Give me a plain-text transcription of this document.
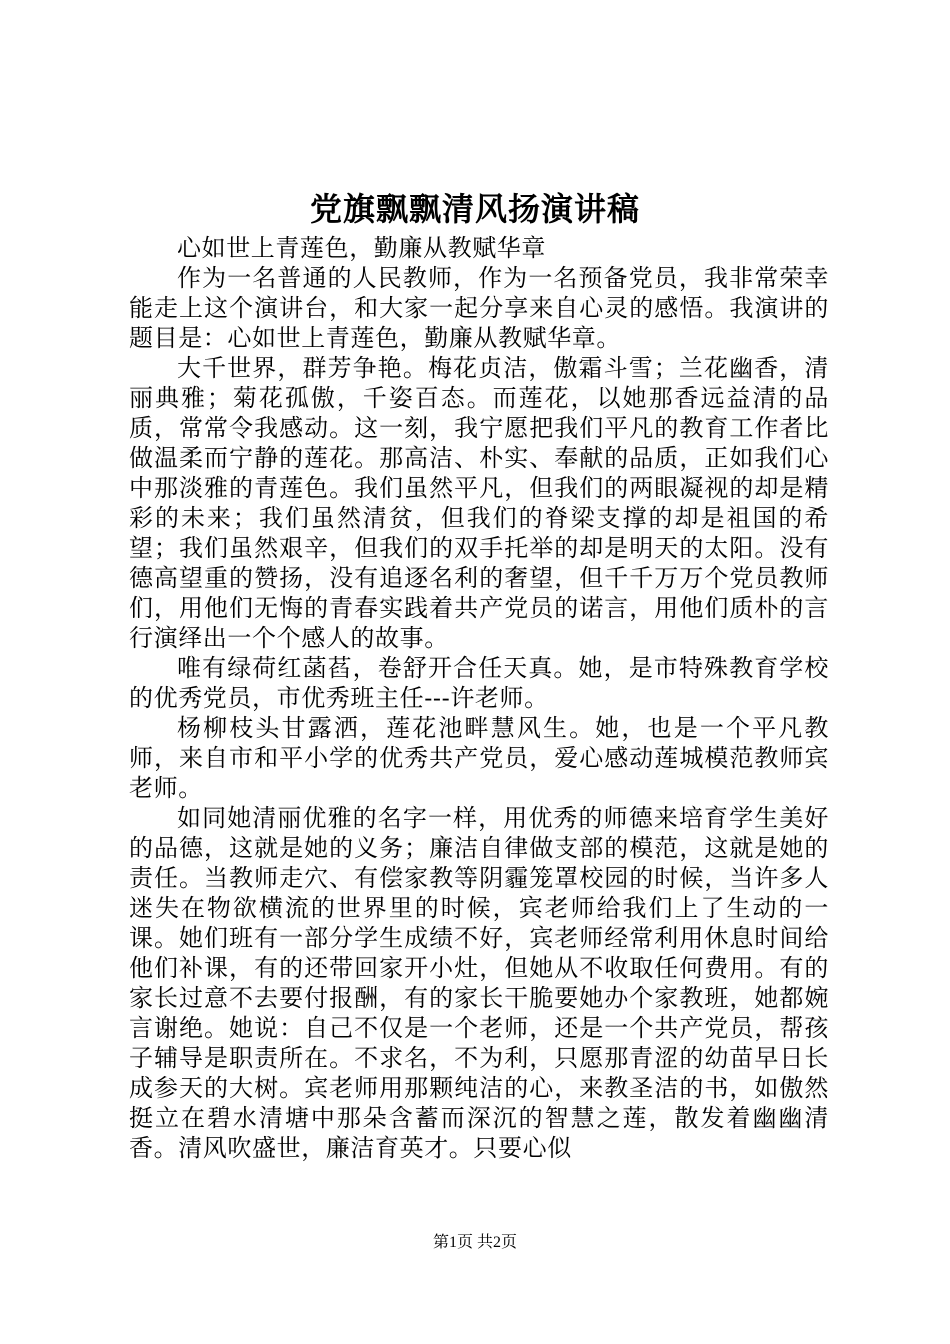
党旗飘飘清风扬演讲稿

心如世上青莲色，勤廉从教赋华章

作为一名普通的人民教师，作为一名预备党员，我非常荣幸能走上这个演讲台，和大家一起分享来自心灵的感悟。我演讲的题目是：心如世上青莲色，勤廉从教赋华章。

大千世界，群芳争艳。梅花贞洁，傲霜斗雪；兰花幽香，清丽典雅；菊花孤傲，千姿百态。而莲花，以她那香远益清的品质，常常令我感动。这一刻，我宁愿把我们平凡的教育工作者比做温柔而宁静的莲花。那高洁、朴实、奉献的品质，正如我们心中那淡雅的青莲色。我们虽然平凡，但我们的两眼凝视的却是精彩的未来；我们虽然清贫，但我们的脊梁支撑的却是祖国的希望；我们虽然艰辛，但我们的双手托举的却是明天的太阳。没有德高望重的赞扬，没有追逐名利的奢望，但千千万万个党员教师们，用他们无悔的青春实践着共产党员的诺言，用他们质朴的言行演绎出一个个感人的故事。

唯有绿荷红菡萏，卷舒开合任天真。她，是市特殊教育学校的优秀党员，市优秀班主任---许老师。

杨柳枝头甘露洒，莲花池畔慧风生。她，也是一个平凡教师，来自市和平小学的优秀共产党员，爱心感动莲城模范教师宾老师。

如同她清丽优雅的名字一样，用优秀的师德来培育学生美好的品德，这就是她的义务；廉洁自律做支部的模范，这就是她的责任。当教师走穴、有偿家教等阴霾笼罩校园的时候，当许多人迷失在物欲横流的世界里的时候，宾老师给我们上了生动的一课。她们班有一部分学生成绩不好，宾老师经常利用休息时间给他们补课，有的还带回家开小灶，但她从不收取任何费用。有的家长过意不去要付报酬，有的家长干脆要她办个家教班，她都婉言谢绝。她说：自己不仅是一个老师，还是一个共产党员，帮孩子辅导是职责所在。不求名，不为利，只愿那青涩的幼苗早日长成参天的大树。宾老师用那颗纯洁的心，来教圣洁的书，如傲然挺立在碧水清塘中那朵含蓄而深沉的智慧之莲，散发着幽幽清香。清风吹盛世，廉洁育英才。只要心似

第1页 共2页
